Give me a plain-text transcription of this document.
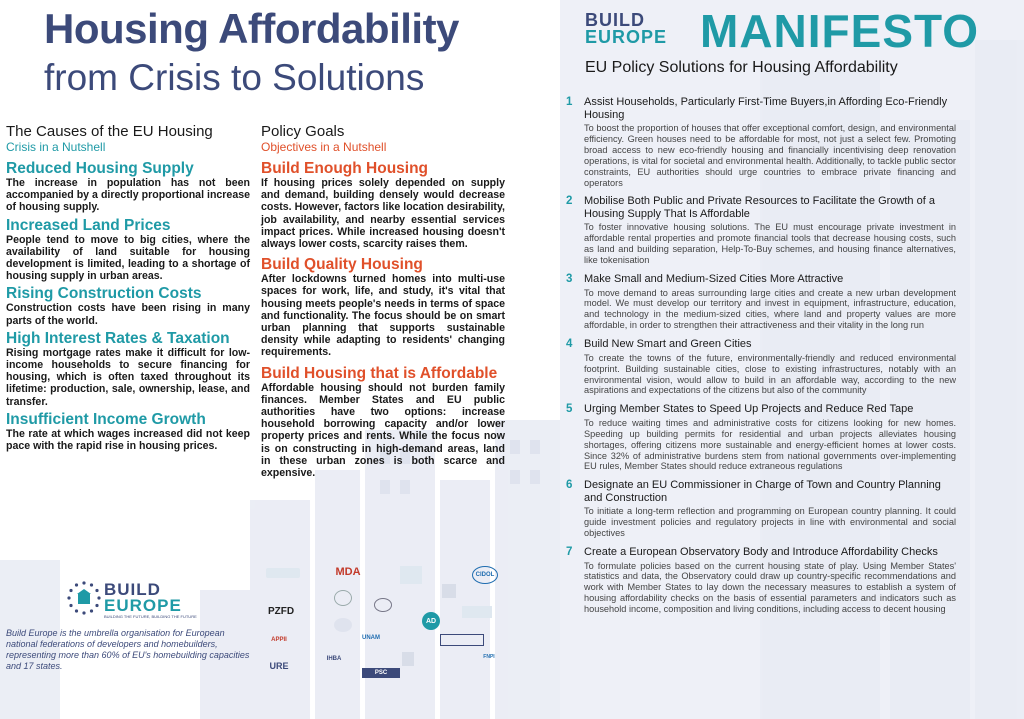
Housing Affordability
from Crisis to Solutions
The Causes of the EU Housing
Crisis in a Nutshell
Reduced Housing Supply
The increase in population has not been accompanied by a directly proportional increase of housing supply.
Increased Land Prices
People tend to move to big cities, where the availability of land suitable for housing development is limited, leading to a shortage of housing supply in urban areas.
Rising Construction Costs
Construction costs have been rising in many parts of the world.
High Interest Rates & Taxation
Rising mortgage rates make it difficult for low-income households to secure financing for housing, which is often taxed throughout its lifetime: production, sale, ownership, lease, and transfer.
Insufficient Income Growth
The rate at which wages increased did not keep pace with the rapid rise in housing prices.
Policy Goals
Objectives in a Nutshell
Build Enough Housing
If housing prices solely depended on supply and demand, building densely would decrease costs. However, factors like location desirability, job availability, and nearby essential services impact prices. While increased housing doesn't always lower costs, scarcity raises them.
Build Quality Housing
After lockdowns turned homes into multi-use spaces for work, life, and study, it's vital that housing meets people's needs in terms of space and functionality. The focus should be on smart urban planning that supports sustainable density while adapting to residents' changing requirements.
Build Housing that is Affordable
Affordable housing should not burden family finances. Member States and EU public authorities have two options: increase household borrowing capacity and/or lower property prices and rents. While the focus now is on constructing in high-demand areas, land in these urban zones is both scarce and expensive.
BUILD
EUROPE MANIFESTO
EU Policy Solutions for Housing Affordability
1	Assist Households, Particularly First-Time Buyers,in Affording Eco-Friendly Housing
To boost the proportion of houses that offer exceptional comfort, design, and environmental efficiency. Green houses need to be affordable for most, not just a select few. Promoting broad access to new eco-friendly housing and financially incentivising deep renovation operations, is vital for societal and environmental health. Additionally, to tackle public sector constraints, EU authorities should urge countries to embrace private financing and operators
2	Mobilise Both Public and Private Resources to Facilitate the Growth of a Housing Supply That Is Affordable
To foster innovative housing solutions. The EU must encourage private investment in affordable rental properties and promote financial tools that decrease housing costs, such as land and building separation, Help-To-Buy schemes, and housing finance alternatives, like tokenisation
3	Make Small and Medium-Sized Cities More Attractive
To move demand to areas surrounding large cities and create a new urban development model. We must develop our territory and invest in equipment, infrastructure, education, and technology in the medium-sized cities, where land and property values are more affordable, in order to strengthen their attractiveness and their vitality in the long run
4	Build New Smart and Green Cities
To create the towns of the future, environmentally-friendly and reduced environmental footprint. Building sustainable cities, close to existing infrastructures, notably with an environmental vision, would allow to build in an affordable way, according to the new aspirations and expectations of the citizens but also of the community
5	Urging Member States to Speed Up Projects and Reduce Red Tape
To reduce waiting times and administrative costs for citizens looking for new homes. Speeding up building permits for residential and urban projects alleviates housing shortages, offering citizens more sustainable and energy-efficient homes at lower costs. Since 32% of administrative burdens stem from national governments over-implementing EU rules, Member States should reduce extraneous regulations
6	Designate an EU Commissioner in Charge of Town and Country Planning and Construction
To initiate a long-term reflection and programming on European country planning. It could guide investment policies and regulatory projects in line with environmental and social objectives
7	Create a European Observatory Body and Introduce Affordability Checks
To formulate policies based on the current housing state of play. Using Member States' statistics and data, the Observatory could draw up country-specific recommendations and work with Member States to lay down the necessary measures to establish a system of housing affordability checks on the basis of essential parameters and indicators such as household income, composition and living conditions, including access to decent housing
BUILD
EUROPE
BUILDING THE FUTURE, BUILDING THE FUTURE
Build Europe is the umbrella organisation for European national federations of developers and homebuilders, representing more than 60% of EU's homebuilding capacities and 17 states.
MDA	CIDOL
PZFD
AD
APPII	UNAM
URE
IHBA	FNPI
PSC
